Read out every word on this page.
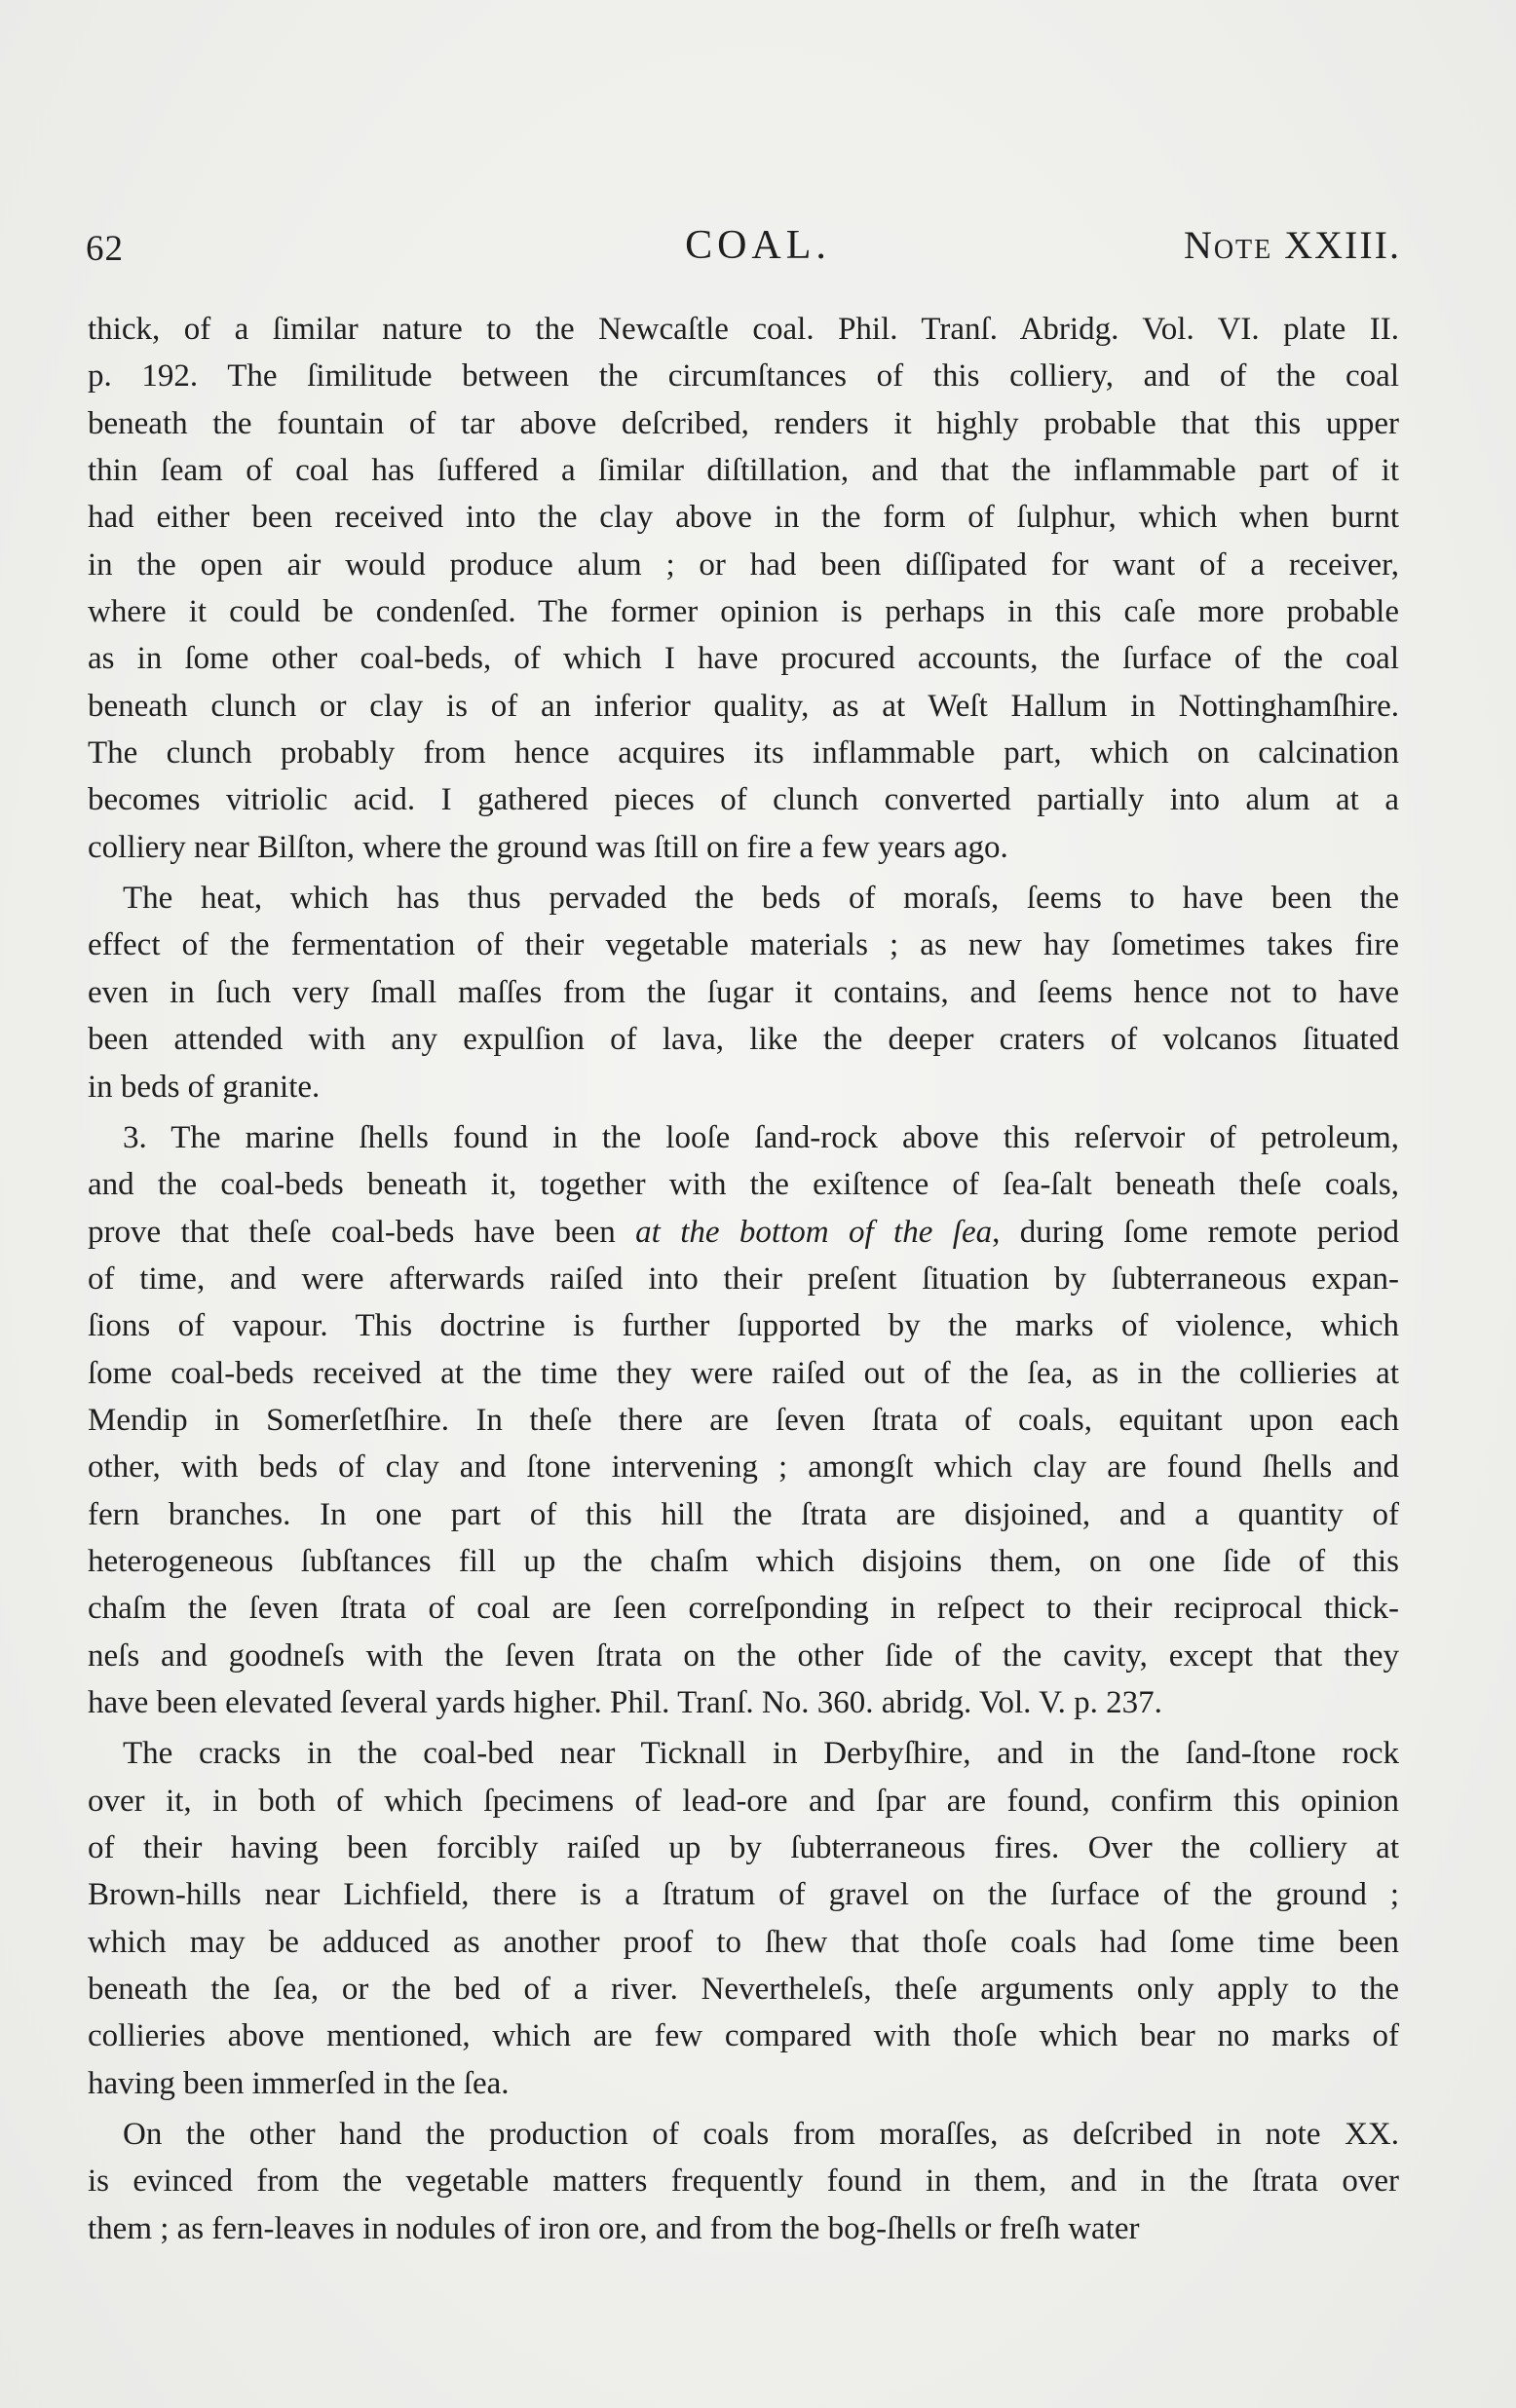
62	COAL.	Note XXIII.
thick, of a ſimilar nature to the Newcaſtle coal. Phil. Tranſ. Abridg. Vol. VI. plate II.
p. 192. The ſimilitude between the circumſtances of this colliery, and of the coal
beneath the fountain of tar above deſcribed, renders it highly probable that this upper
thin ſeam of coal has ſuffered a ſimilar diſtillation, and that the inflammable part of it
had either been received into the clay above in the form of ſulphur, which when burnt
in the open air would produce alum ; or had been diſſipated for want of a receiver,
where it could be condenſed. The former opinion is perhaps in this caſe more probable
as in ſome other coal-beds, of which I have procured accounts, the ſurface of the coal
beneath clunch or clay is of an inferior quality, as at Weſt Hallum in Nottinghamſhire.
The clunch probably from hence acquires its inflammable part, which on calcination
becomes vitriolic acid. I gathered pieces of clunch converted partially into alum at a
colliery near Bilſton, where the ground was ſtill on fire a few years ago.
The heat, which has thus pervaded the beds of moraſs, ſeems to have been the
effect of the fermentation of their vegetable materials ; as new hay ſometimes takes fire
even in ſuch very ſmall maſſes from the ſugar it contains, and ſeems hence not to have
been attended with any expulſion of lava, like the deeper craters of volcanos ſituated
in beds of granite.
3. The marine ſhells found in the looſe ſand-rock above this reſervoir of petroleum,
and the coal-beds beneath it, together with the exiſtence of ſea-ſalt beneath theſe coals,
prove that theſe coal-beds have been at the bottom of the ſea, during ſome remote period
of time, and were afterwards raiſed into their preſent ſituation by ſubterraneous expan-
ſions of vapour. This doctrine is further ſupported by the marks of violence, which
ſome coal-beds received at the time they were raiſed out of the ſea, as in the collieries at
Mendip in Somerſetſhire. In theſe there are ſeven ſtrata of coals, equitant upon each
other, with beds of clay and ſtone intervening ; amongſt which clay are found ſhells and
fern branches. In one part of this hill the ſtrata are disjoined, and a quantity of
heterogeneous ſubſtances fill up the chaſm which disjoins them, on one ſide of this
chaſm the ſeven ſtrata of coal are ſeen correſponding in reſpect to their reciprocal thick-
neſs and goodneſs with the ſeven ſtrata on the other ſide of the cavity, except that they
have been elevated ſeveral yards higher. Phil. Tranſ. No. 360. abridg. Vol. V. p. 237.
The cracks in the coal-bed near Ticknall in Derbyſhire, and in the ſand-ſtone rock
over it, in both of which ſpecimens of lead-ore and ſpar are found, confirm this opinion
of their having been forcibly raiſed up by ſubterraneous fires. Over the colliery at
Brown-hills near Lichfield, there is a ſtratum of gravel on the ſurface of the ground ;
which may be adduced as another proof to ſhew that thoſe coals had ſome time been
beneath the ſea, or the bed of a river. Nevertheleſs, theſe arguments only apply to the
collieries above mentioned, which are few compared with thoſe which bear no marks of
having been immerſed in the ſea.
On the other hand the production of coals from moraſſes, as deſcribed in note XX.
is evinced from the vegetable matters frequently found in them, and in the ſtrata over
them ; as fern-leaves in nodules of iron ore, and from the bog-ſhells or freſh water
